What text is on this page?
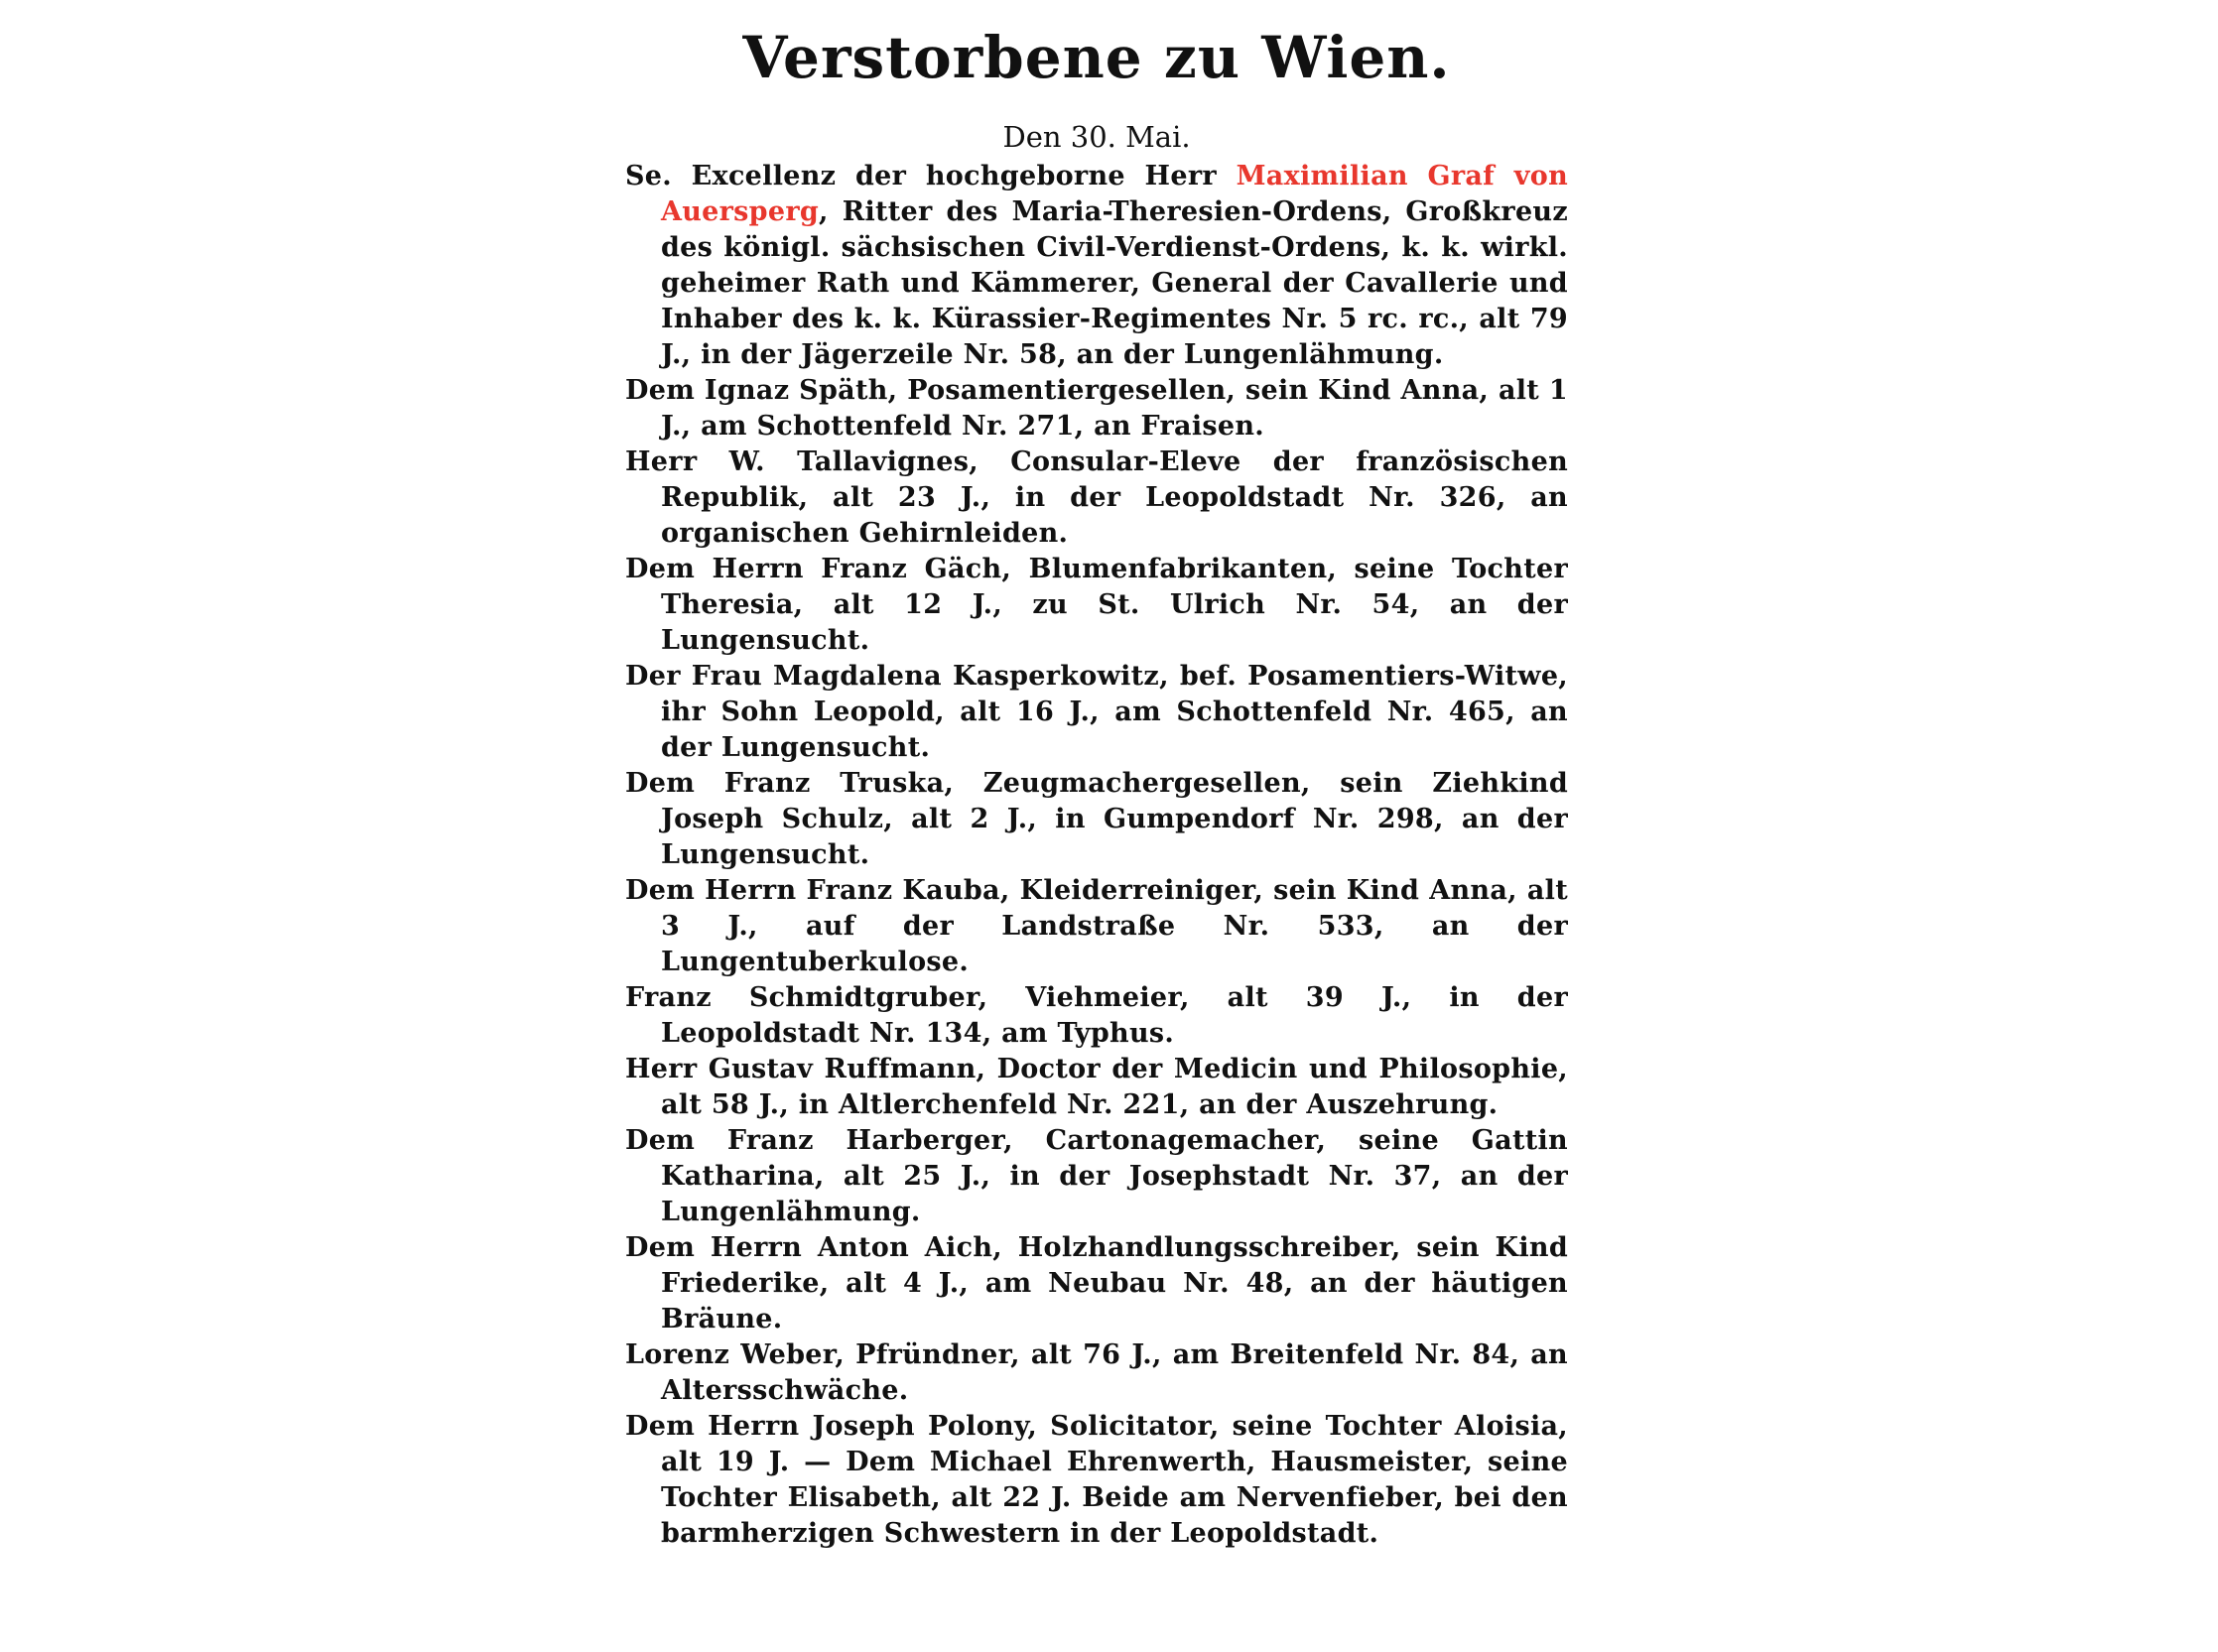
Verstorbene zu Wien.
Den 30. Mai.

Se. Excellenz der hochgeborne Herr Maximilian Graf von Auersperg, Ritter des Maria-Theresien-Ordens, Großkreuz des königl. sächsischen Civil-Verdienst-Ordens, k. k. wirkl. geheimer Rath und Kämmerer, General der Cavallerie und Inhaber des k. k. Kürassier-Regimentes Nr. 5 rc. rc., alt 79 J., in der Jägerzeile Nr. 58, an der Lungenlähmung.

Dem Ignaz Späth, Posamentiergesellen, sein Kind Anna, alt 1 J., am Schottenfeld Nr. 271, an Fraisen.

Herr W. Tallavignes, Consular-Eleve der französischen Republik, alt 23 J., in der Leopoldstadt Nr. 326, an organischen Gehirnleiden.

Dem Herrn Franz Gäch, Blumenfabrikanten, seine Tochter Theresia, alt 12 J., zu St. Ulrich Nr. 54, an der Lungensucht.

Der Frau Magdalena Kasperkowitz, bef. Posamentiers-Witwe, ihr Sohn Leopold, alt 16 J., am Schottenfeld Nr. 465, an der Lungensucht.

Dem Franz Truska, Zeugmachergesellen, sein Ziehkind Joseph Schulz, alt 2 J., in Gumpendorf Nr. 298, an der Lungensucht.

Dem Herrn Franz Kauba, Kleiderreiniger, sein Kind Anna, alt 3 J., auf der Landstraße Nr. 533, an der Lungentuberkulose.

Franz Schmidtgruber, Viehmeier, alt 39 J., in der Leopoldstadt Nr. 134, am Typhus.

Herr Gustav Ruffmann, Doctor der Medicin und Philosophie, alt 58 J., in Altlerchenfeld Nr. 221, an der Auszehrung.

Dem Franz Harberger, Cartonagemacher, seine Gattin Katharina, alt 25 J., in der Josephstadt Nr. 37, an der Lungenlähmung.

Dem Herrn Anton Aich, Holzhandlungsschreiber, sein Kind Friederike, alt 4 J., am Neubau Nr. 48, an der häutigen Bräune.

Lorenz Weber, Pfründner, alt 76 J., am Breitenfeld Nr. 84, an Altersschwäche.

Dem Herrn Joseph Polony, Solicitator, seine Tochter Aloisia, alt 19 J. — Dem Michael Ehrenwerth, Hausmeister, seine Tochter Elisabeth, alt 22 J. Beide am Nervenfieber, bei den barmherzigen Schwestern in der Leopoldstadt.
